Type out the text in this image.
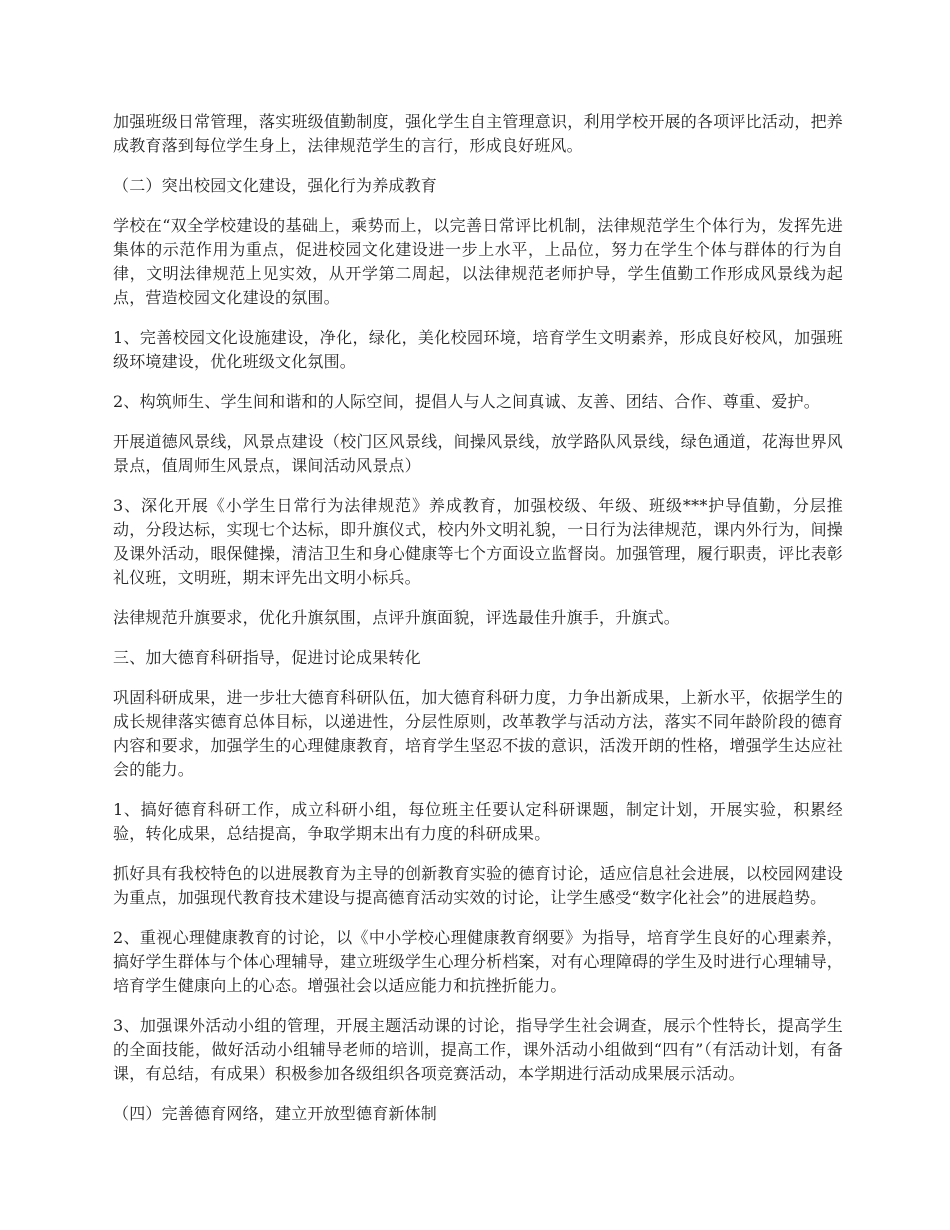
加强班级日常管理，落实班级值勤制度，强化学生自主管理意识，利用学校开展的各项评比活动，把养成教育落到每位学生身上，法律规范学生的言行，形成良好班风。

（二）突出校园文化建设，强化行为养成教育

学校在“双全学校建设的基础上，乘势而上，以完善日常评比机制，法律规范学生个体行为，发挥先进集体的示范作用为重点，促进校园文化建设进一步上水平，上品位，努力在学生个体与群体的行为自律，文明法律规范上见实效，从开学第二周起，以法律规范老师护导，学生值勤工作形成风景线为起点，营造校园文化建设的氛围。

1、完善校园文化设施建设，净化，绿化，美化校园环境，培育学生文明素养，形成良好校风，加强班级环境建设，优化班级文化氛围。

2、构筑师生、学生间和谐和的人际空间，提倡人与人之间真诚、友善、团结、合作、尊重、爱护。

开展道德风景线，风景点建设（校门区风景线，间操风景线，放学路队风景线，绿色通道，花海世界风景点，值周师生风景点，课间活动风景点）

3、深化开展《小学生日常行为法律规范》养成教育，加强校级、年级、班级***护导值勤，分层推动，分段达标，实现七个达标，即升旗仪式，校内外文明礼貌，一日行为法律规范，课内外行为，间操及课外活动，眼保健操，清洁卫生和身心健康等七个方面设立监督岗。加强管理，履行职责，评比表彰礼仪班，文明班，期末评先出文明小标兵。

法律规范升旗要求，优化升旗氛围，点评升旗面貌，评选最佳升旗手，升旗式。

三、加大德育科研指导，促进讨论成果转化

巩固科研成果，进一步壮大德育科研队伍，加大德育科研力度，力争出新成果，上新水平，依据学生的成长规律落实德育总体目标，以递进性，分层性原则，改革教学与活动方法，落实不同年龄阶段的德育内容和要求，加强学生的心理健康教育，培育学生坚忍不拔的意识，活泼开朗的性格，增强学生达应社会的能力。

1、搞好德育科研工作，成立科研小组，每位班主任要认定科研课题，制定计划，开展实验，积累经验，转化成果，总结提高，争取学期末出有力度的科研成果。

抓好具有我校特色的以进展教育为主导的创新教育实验的德育讨论，适应信息社会进展，以校园网建设为重点，加强现代教育技术建设与提高德育活动实效的讨论，让学生感受“数字化社会”的进展趋势。

2、重视心理健康教育的讨论，以《中小学校心理健康教育纲要》为指导，培育学生良好的心理素养，搞好学生群体与个体心理辅导，建立班级学生心理分析档案，对有心理障碍的学生及时进行心理辅导，培育学生健康向上的心态。增强社会以适应能力和抗挫折能力。

3、加强课外活动小组的管理，开展主题活动课的讨论，指导学生社会调查，展示个性特长，提高学生的全面技能，做好活动小组辅导老师的培训，提高工作，课外活动小组做到“四有”（有活动计划，有备课，有总结，有成果）积极参加各级组织各项竞赛活动，本学期进行活动成果展示活动。

（四）完善德育网络，建立开放型德育新体制
